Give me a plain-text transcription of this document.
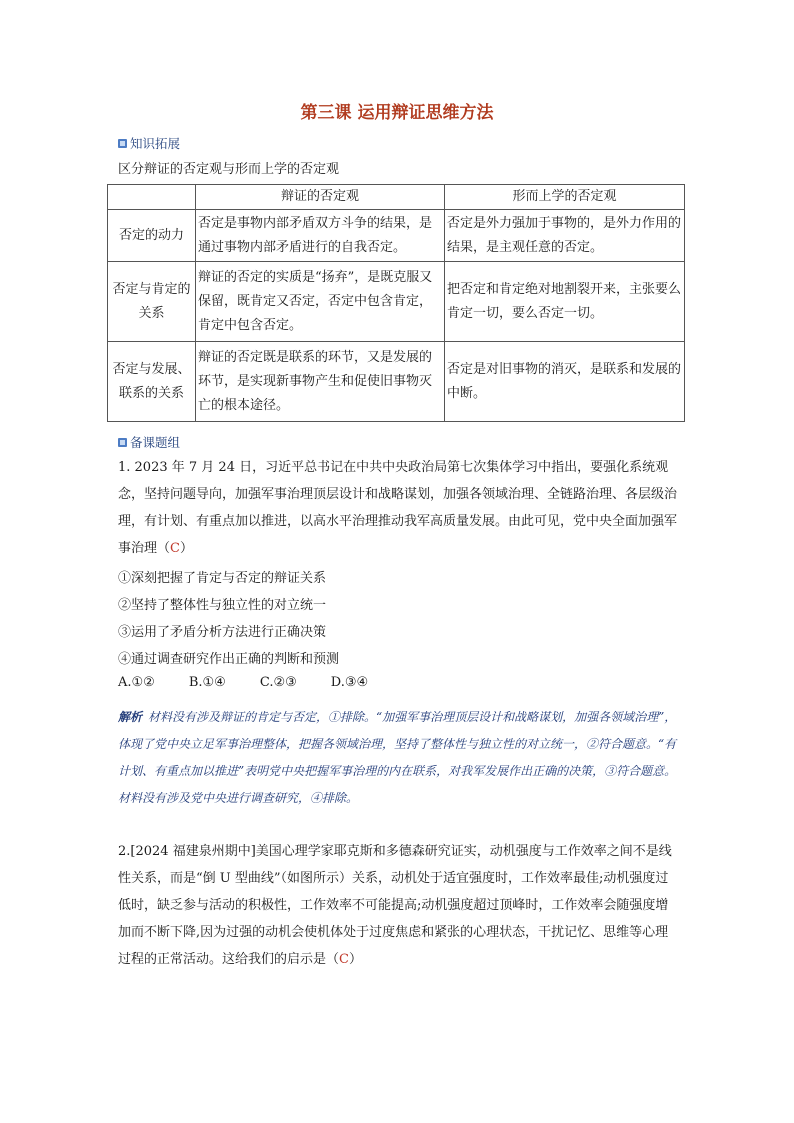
第三课 运用辩证思维方法
知识拓展
区分辩证的否定观与形而上学的否定观
	辩证的否定观	形而上学的否定观
否定的动力	否定是事物内部矛盾双方斗争的结果，是通过事物内部矛盾进行的自我否定。	否定是外力强加于事物的，是外力作用的结果，是主观任意的否定。
否定与肯定的关系	辩证的否定的实质是“扬弃”，是既克服又保留，既肯定又否定，否定中包含肯定，肯定中包含否定。	把否定和肯定绝对地割裂开来，主张要么肯定一切，要么否定一切。
否定与发展、联系的关系	辩证的否定既是联系的环节，又是发展的环节，是实现新事物产生和促使旧事物灭亡的根本途径。	否定是对旧事物的消灭，是联系和发展的中断。
备课题组
1. 2023 年 7 月 24 日，习近平总书记在中共中央政治局第七次集体学习中指出，要强化系统观念，坚持问题导向，加强军事治理顶层设计和战略谋划，加强各领域治理、全链路治理、各层级治理，有计划、有重点加以推进，以高水平治理推动我军高质量发展。由此可见，党中央全面加强军事治理（C）
①深刻把握了肯定与否定的辩证关系
②坚持了整体性与独立性的对立统一
③运用了矛盾分析方法进行正确决策
④通过调查研究作出正确的判断和预测
A.①②	B.①④	C.②③	D.③④
解析 材料没有涉及辩证的肯定与否定，①排除。“加强军事治理顶层设计和战略谋划，加强各领域治理”，体现了党中央立足军事治理整体，把握各领域治理，坚持了整体性与独立性的对立统一，②符合题意。“有计划、有重点加以推进”表明党中央把握军事治理的内在联系，对我军发展作出正确的决策，③符合题意。材料没有涉及党中央进行调查研究，④排除。
2.[2024 福建泉州期中]美国心理学家耶克斯和多德森研究证实，动机强度与工作效率之间不是线性关系，而是“倒 U 型曲线”（如图所示）关系，动机处于适宜强度时，工作效率最佳;动机强度过低时，缺乏参与活动的积极性，工作效率不可能提高;动机强度超过顶峰时，工作效率会随强度增加而不断下降,因为过强的动机会使机体处于过度焦虑和紧张的心理状态，干扰记忆、思维等心理过程的正常活动。这给我们的启示是（C）
